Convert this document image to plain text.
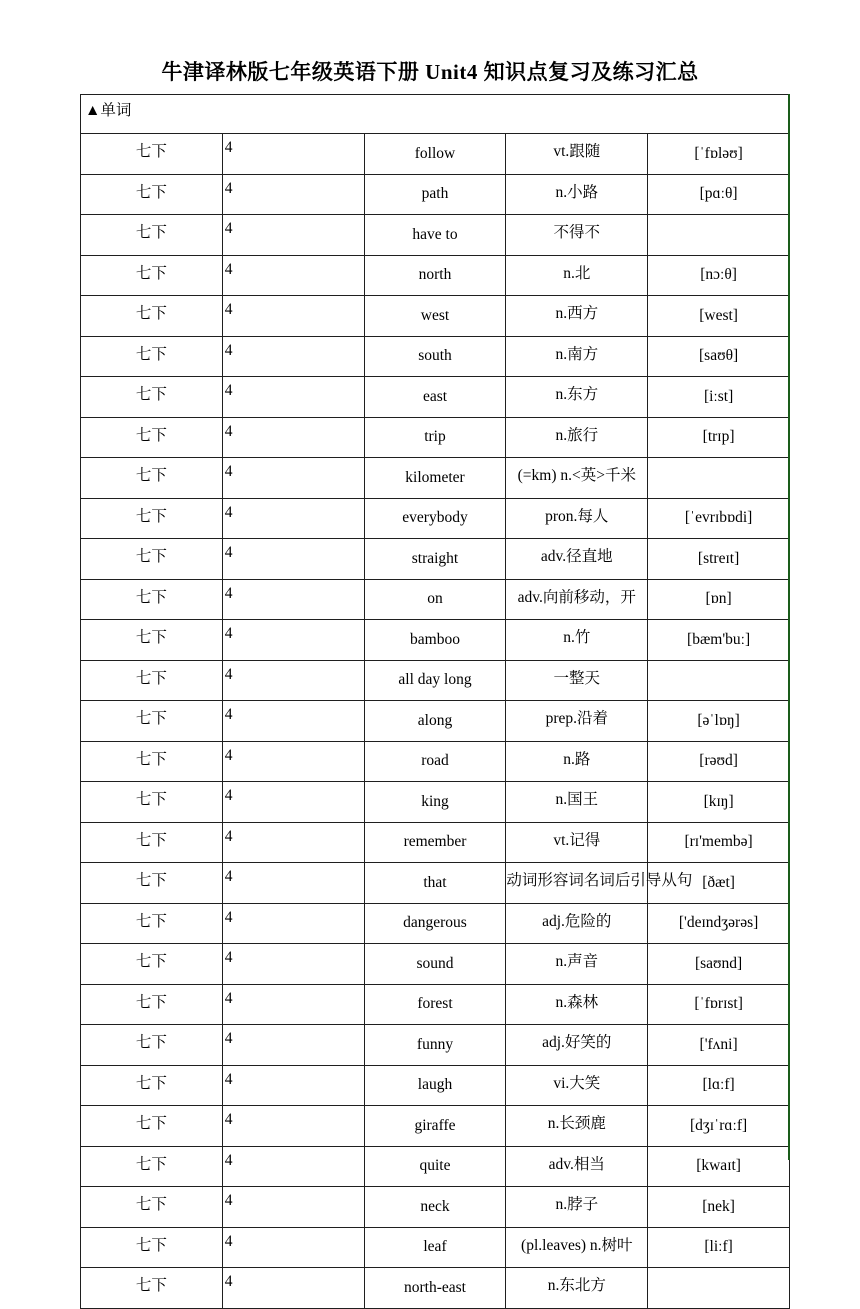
牛津译林版七年级英语下册 Unit4 知识点复习及练习汇总
▲单词				
七下	4	follow	vt.跟随	[ˈfɒləʊ]
七下	4	path	n.小路	[pɑːθ]
七下	4	have to	不得不	
七下	4	north	n.北	[nɔːθ]
七下	4	west	n.西方	[west]
七下	4	south	n.南方	[saʊθ]
七下	4	east	n.东方	[iːst]
七下	4	trip	n.旅行	[trɪp]
七下	4	kilometer	(=km) n.<英>千米	
七下	4	everybody	pron.每人	[ˈevrɪbɒdi]
七下	4	straight	adv.径直地	[streɪt]
七下	4	on	adv.向前移动，开	[ɒn]
七下	4	bamboo	n.竹	[bæm'buː]
七下	4	all day long	一整天	
七下	4	along	prep.沿着	[əˈlɒŋ]
七下	4	road	n.路	[rəʊd]
七下	4	king	n.国王	[kɪŋ]
七下	4	remember	vt.记得	[rɪ'membə]
七下	4	that	动词形容词名词后引导从句	[ðæt]
七下	4	dangerous	adj.危险的	['deɪndʒərəs]
七下	4	sound	n.声音	[saʊnd]
七下	4	forest	n.森林	[ˈfɒrɪst]
七下	4	funny	adj.好笑的	['fʌni]
七下	4	laugh	vi.大笑	[lɑːf]
七下	4	giraffe	n.长颈鹿	[dʒɪˈrɑːf]
七下	4	quite	adv.相当	[kwaɪt]
七下	4	neck	n.脖子	[nek]
七下	4	leaf	(pl.leaves) n.树叶	[liːf]
七下	4	north-east	n.东北方	
